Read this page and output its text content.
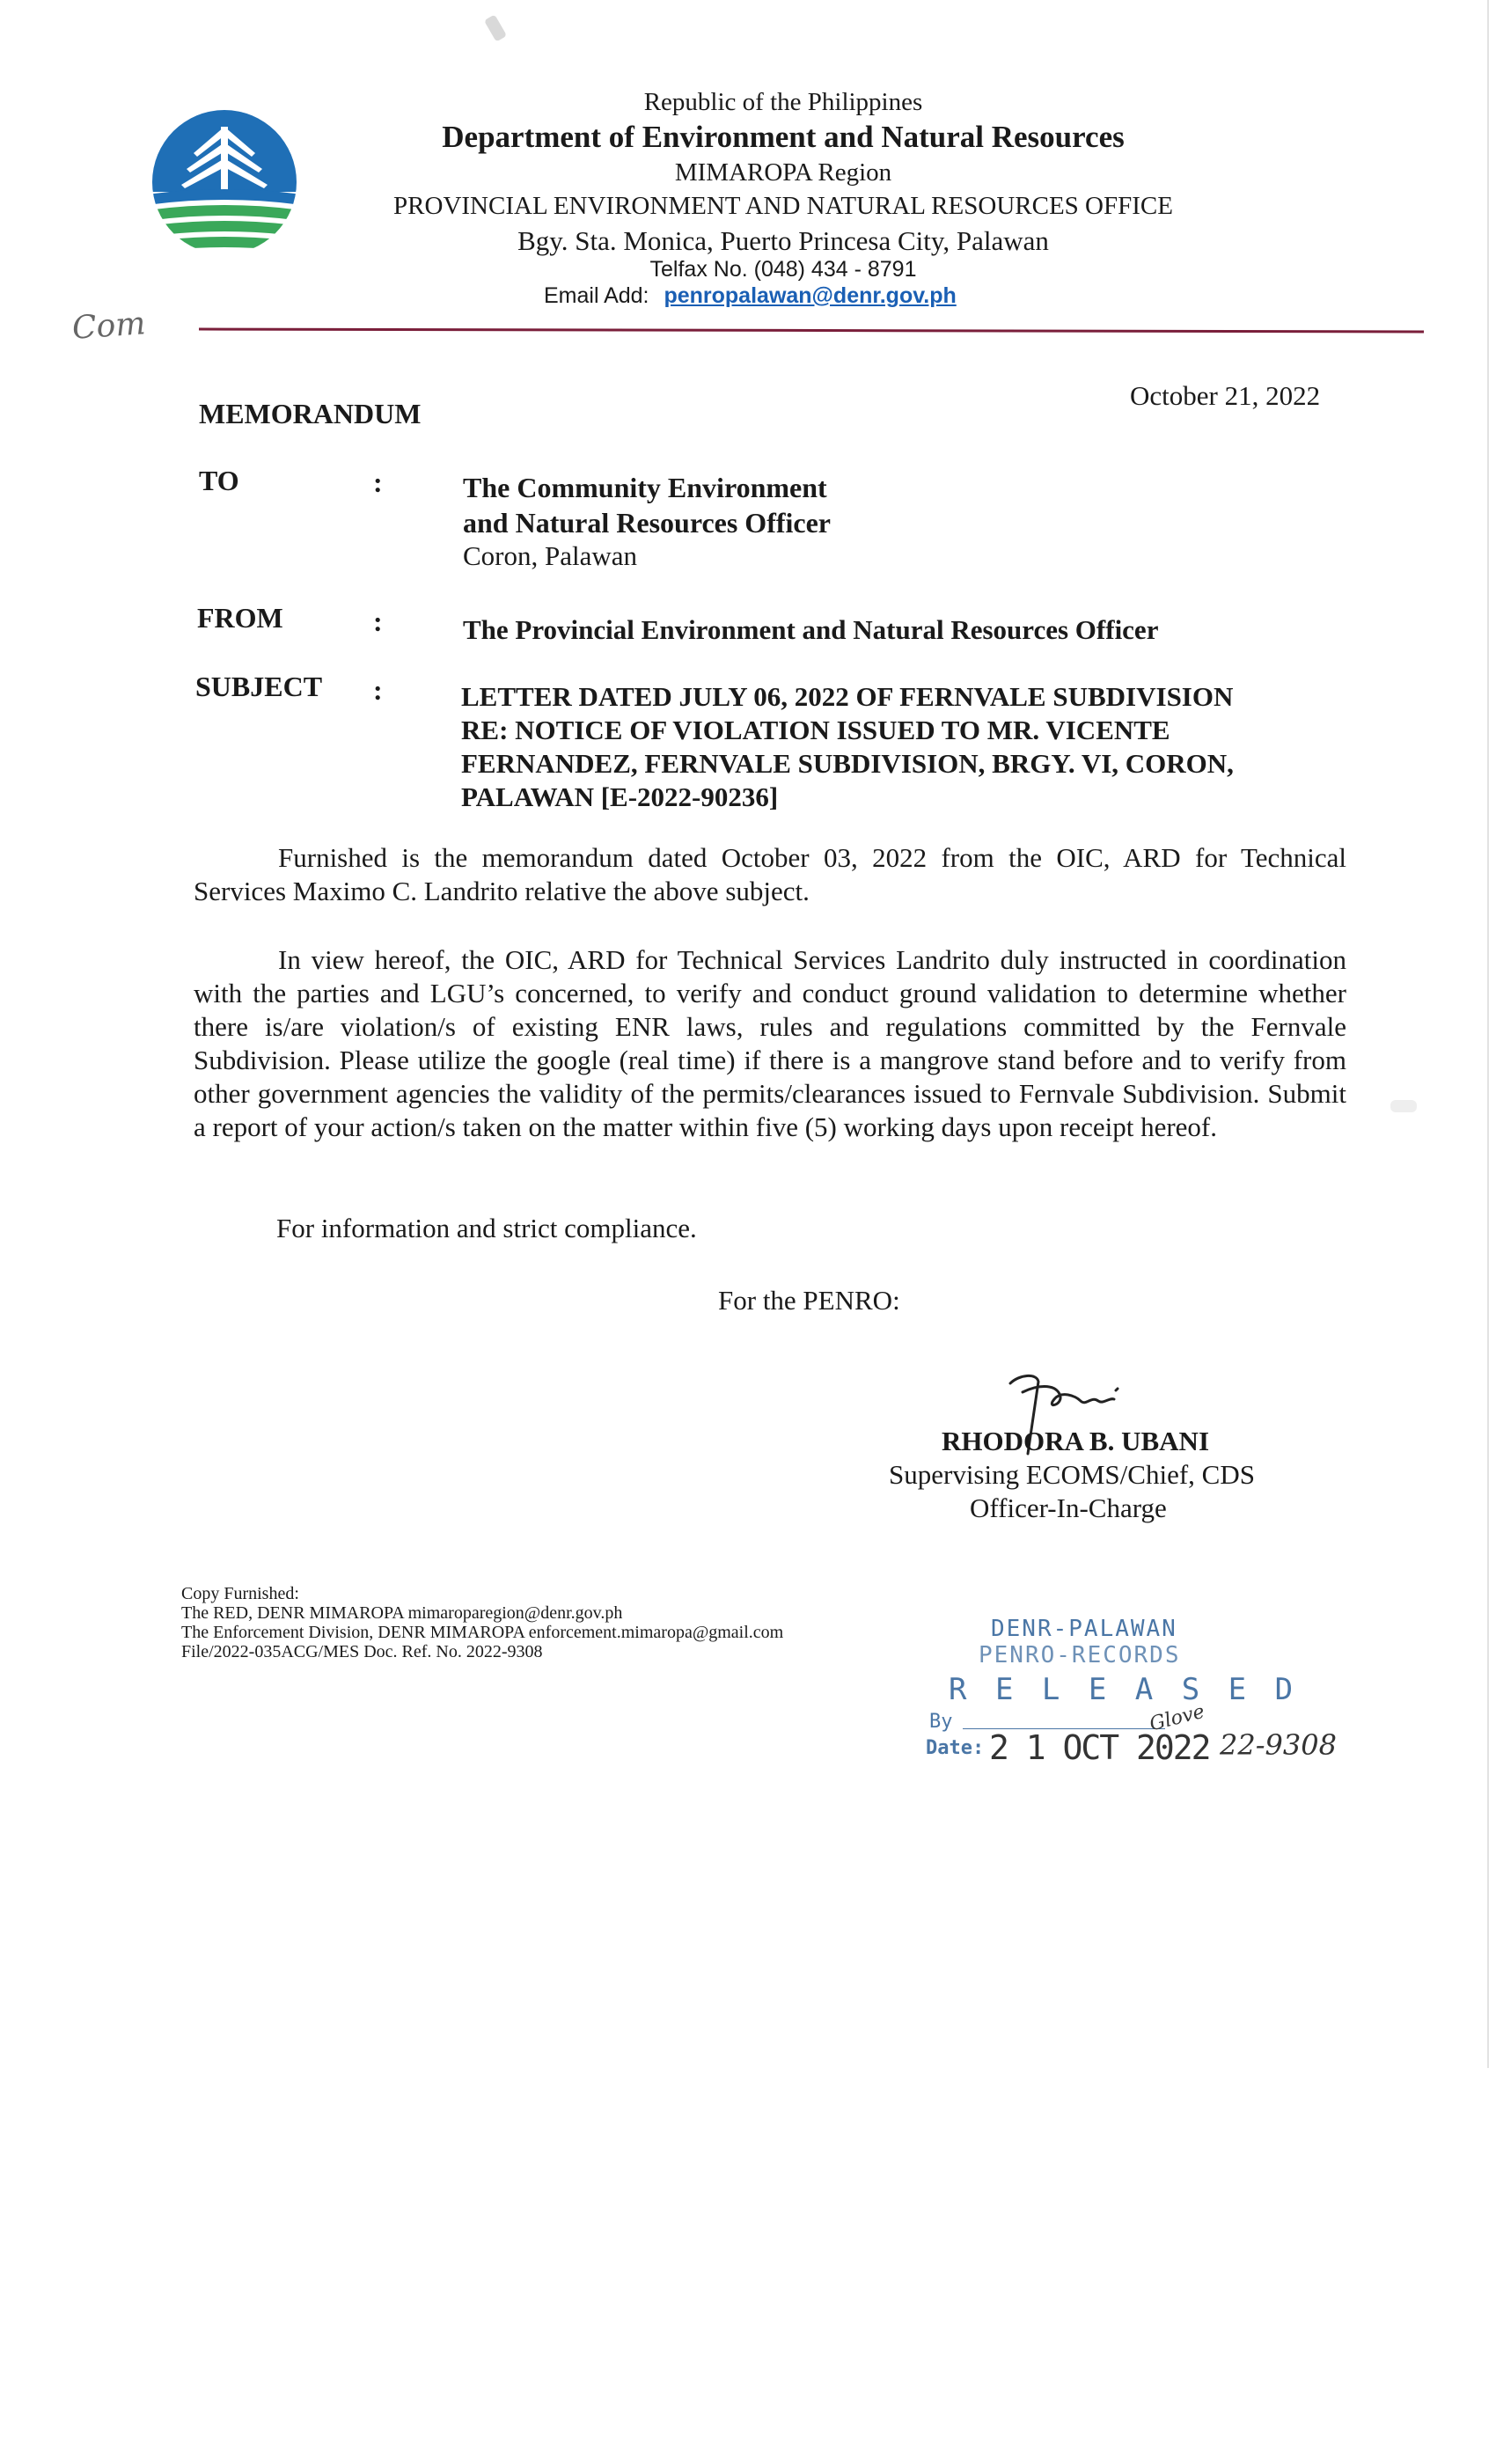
Com
Republic of the Philippines
Department of Environment and Natural Resources
MIMAROPA Region
PROVINCIAL ENVIRONMENT AND NATURAL RESOURCES OFFICE
Bgy. Sta. Monica, Puerto Princesa City, Palawan
Telfax No. (048) 434 - 8791
Email Add: penropalawan@denr.gov.ph
MEMORANDUM
October 21, 2022
TO	:	The Community Environment
and Natural Resources Officer
Coron, Palawan
FROM	:	The Provincial Environment and Natural Resources Officer
SUBJECT :	LETTER DATED JULY 06, 2022 OF FERNVALE SUBDIVISION
RE: NOTICE OF VIOLATION ISSUED TO MR. VICENTE
FERNANDEZ, FERNVALE SUBDIVISION, BRGY. VI, CORON,
PALAWAN [E-2022-90236]
Furnished is the memorandum dated October 03, 2022 from the OIC, ARD for Technical Services Maximo C. Landrito relative the above subject.
In view hereof, the OIC, ARD for Technical Services Landrito duly instructed in coordination with the parties and LGU’s concerned, to verify and conduct ground validation to determine whether there is/are violation/s of existing ENR laws, rules and regulations committed by the Fernvale Subdivision. Please utilize the google (real time) if there is a mangrove stand before and to verify from other government agencies the validity of the permits/clearances issued to Fernvale Subdivision. Submit a report of your action/s taken on the matter within five (5) working days upon receipt hereof.
For information and strict compliance.
For the PENRO:
RHODORA B. UBANI
Supervising ECOMS/Chief, CDS
Officer-In-Charge
Copy Furnished:
The RED, DENR MIMAROPA mimaroparegion@denr.gov.ph
The Enforcement Division, DENR MIMAROPA enforcement.mimaropa@gmail.com
File/2022-035ACG/MES Doc. Ref. No. 2022-9308
DENR-PALAWAN
PENRO-RECORDS
R E L E A S E D
By
Date: 2 1 OCT 2022
Glove
22-9308
